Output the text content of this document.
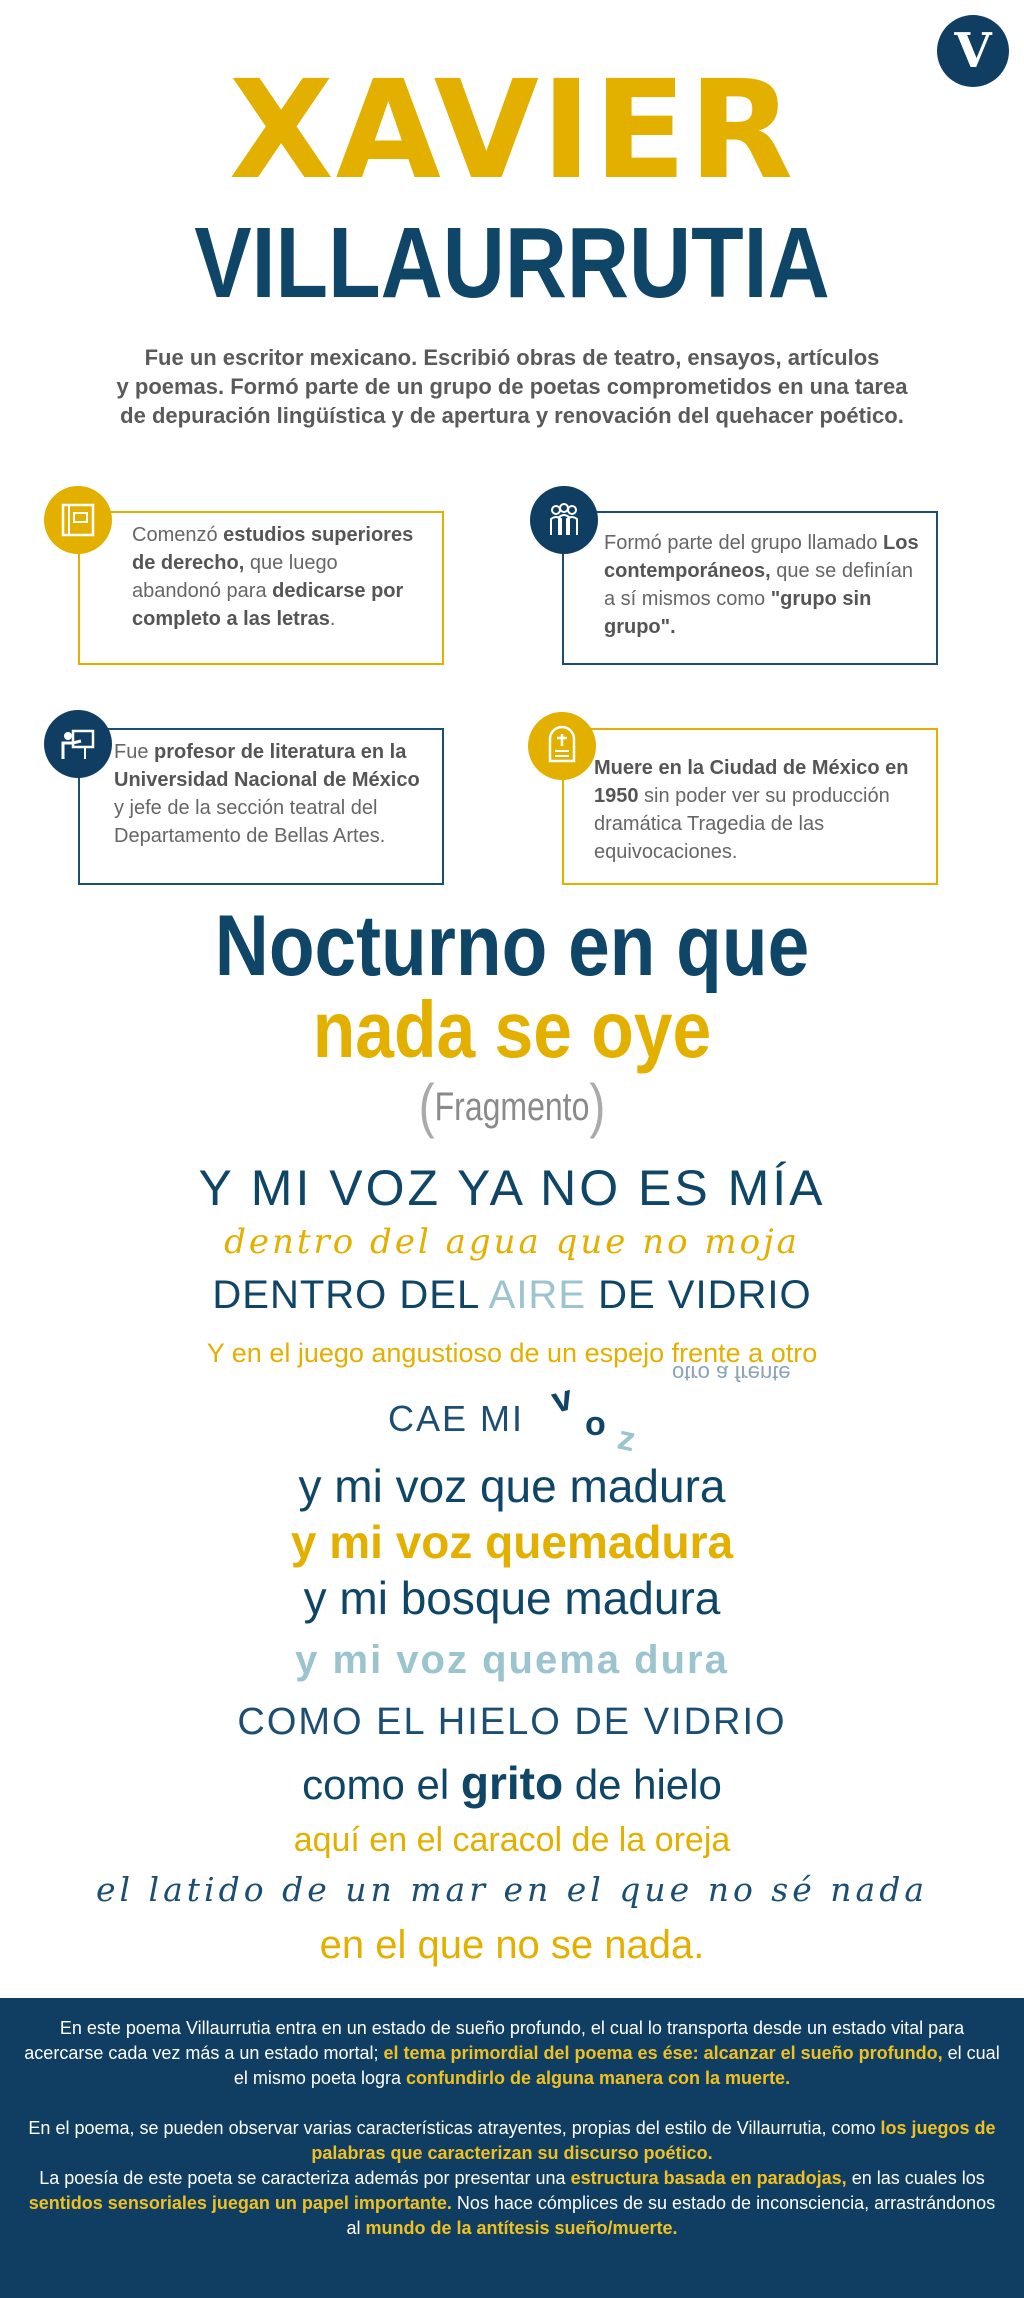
V
XAVIER
VILLAURRUTIA
Fue un escritor mexicano. Escribió obras de teatro, ensayos, artículos
y poemas. Formó parte de un grupo de poetas comprometidos en una tarea
de depuración lingüística y de apertura y renovación del quehacer poético.
Comenzó estudios superiores de derecho, que luego abandonó para dedicarse por completo a las letras.
Formó parte del grupo llamado Los contemporáneos, que se definían a sí mismos como "grupo sin grupo".
Fue profesor de literatura en la Universidad Nacional de México y jefe de la sección teatral del Departamento de Bellas Artes.
Muere en la Ciudad de México en 1950 sin poder ver su producción dramática Tragedia de las equivocaciones.
Nocturno en que
nada se oye
(Fragmento)
Y MI VOZ YA NO ES MÍA
dentro del agua que no moja
DENTRO DEL AIRE DE VIDRIO
Y en el juego angustioso de un espejo frente a otro
otro a frente
CAE MI v
o z
y mi voz que madura
y mi voz quemadura
y mi bosque madura
y mi voz quema dura
COMO EL HIELO DE VIDRIO
como el grito de hielo
aquí en el caracol de la oreja
el latido de un mar en el que no sé nada
en el que no se nada.

En este poema Villaurrutia entra en un estado de sueño profundo, el cual lo transporta desde un estado vital para acercarse cada vez más a un estado mortal; el tema primordial del poema es ése: alcanzar el sueño profundo, el cual el mismo poeta logra confundirlo de alguna manera con la muerte.

En el poema, se pueden observar varias características atrayentes, propias del estilo de Villaurrutia, como los juegos de palabras que caracterizan su discurso poético.

La poesía de este poeta se caracteriza además por presentar una estructura basada en paradojas, en las cuales los sentidos sensoriales juegan un papel importante. Nos hace cómplices de su estado de inconsciencia, arrastrándonos al mundo de la antítesis sueño/muerte.
